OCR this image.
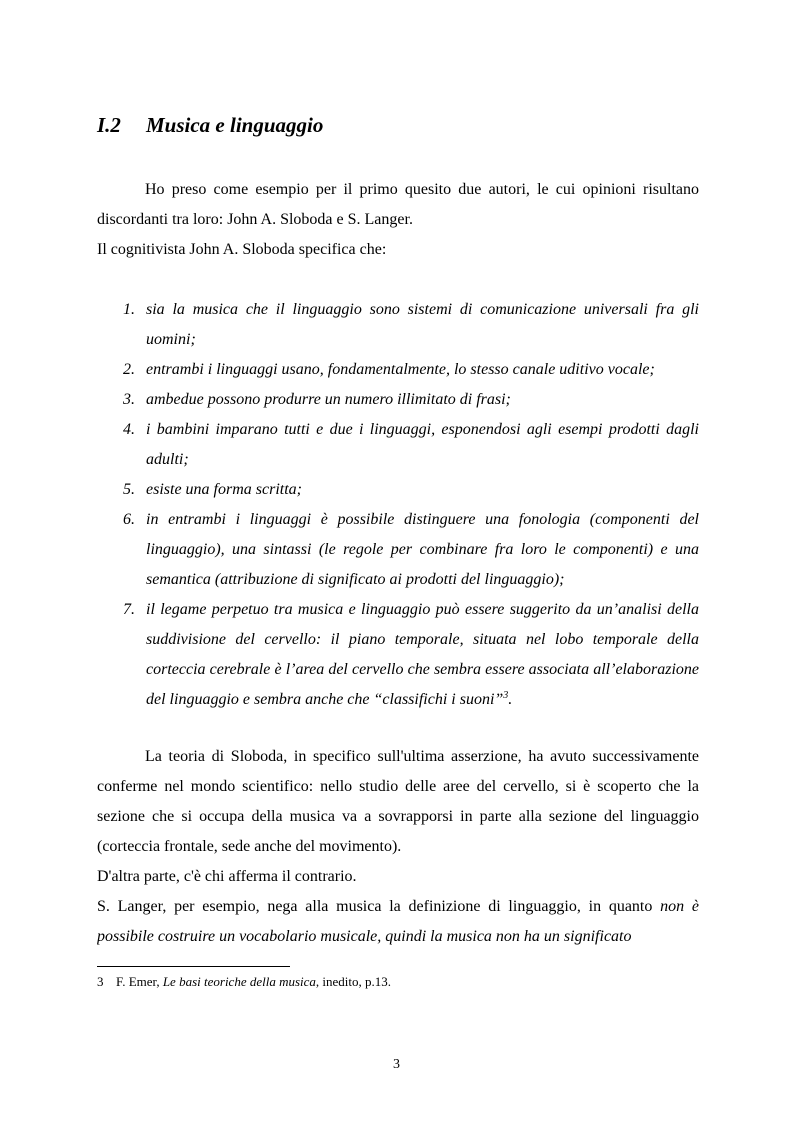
I.2 Musica e linguaggio

Ho preso come esempio per il primo quesito due autori, le cui opinioni risultano discordanti tra loro: John A. Sloboda e S. Langer.

Il cognitivista John A. Sloboda specifica che:
1. sia la musica che il linguaggio sono sistemi di comunicazione universali fra gli uomini;
2. entrambi i linguaggi usano, fondamentalmente, lo stesso canale uditivo vocale;
3. ambedue possono produrre un numero illimitato di frasi;
4. i bambini imparano tutti e due i linguaggi, esponendosi agli esempi prodotti dagli adulti;
5. esiste una forma scritta;
6. in entrambi i linguaggi è possibile distinguere una fonologia (componenti del linguaggio), una sintassi (le regole per combinare fra loro le componenti) e una semantica (attribuzione di significato ai prodotti del linguaggio);
7. il legame perpetuo tra musica e linguaggio può essere suggerito da un’analisi della suddivisione del cervello: il piano temporale, situata nel lobo temporale della corteccia cerebrale è l’area del cervello che sembra essere associata all’elaborazione del linguaggio e sembra anche che “classifichi i suoni”$^3$.

La teoria di Sloboda, in specifico sull'ultima asserzione, ha avuto successivamente conferme nel mondo scientifico: nello studio delle aree del cervello, si è scoperto che la sezione che si occupa della musica va a sovrapporsi in parte alla sezione del linguaggio (corteccia frontale, sede anche del movimento).

D'altra parte, c'è chi afferma il contrario.

S. Langer, per esempio, nega alla musica la definizione di linguaggio, in quanto non è possibile costruire un vocabolario musicale, quindi la musica non ha un significato

3 F. Emer, Le basi teoriche della musica, inedito, p.13.
3
